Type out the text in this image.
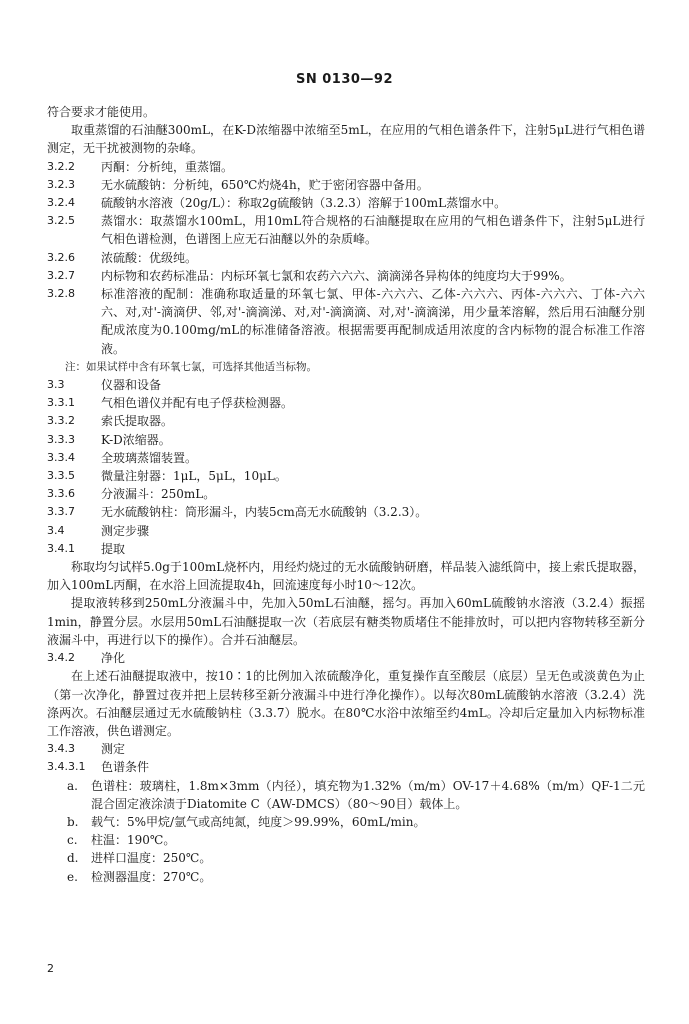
SN 0130—92

符合要求才能使用。

取重蒸馏的石油醚300mL，在K-D浓缩器中浓缩至5mL，在应用的气相色谱条件下，注射5μL进行气相色谱测定，无干扰被测物的杂峰。

3.2.2	丙酮：分析纯，重蒸馏。
3.2.3	无水硫酸钠：分析纯，650℃灼烧4h，贮于密闭容器中备用。
3.2.4	硫酸钠水溶液（20g/L）：称取2g硫酸钠（3.2.3）溶解于100mL蒸馏水中。
3.2.5	蒸馏水：取蒸馏水100mL，用10mL符合规格的石油醚提取在应用的气相色谱条件下，注射5μL进行气相色谱检测，色谱图上应无石油醚以外的杂质峰。
3.2.6	浓硫酸：优级纯。
3.2.7	内标物和农药标准品：内标环氧七氯和农药六六六、滴滴涕各异构体的纯度均大于99%。
3.2.8	标准溶液的配制：准确称取适量的环氧七氯、甲体-六六六、乙体-六六六、丙体-六六六、丁体-六六六、对,对'-滴滴伊、邻,对'-滴滴涕、对,对'-滴滴滴、对,对'-滴滴涕，用少量苯溶解，然后用石油醚分别配成浓度为0.100mg/mL的标准储备溶液。根据需要再配制成适用浓度的含内标物的混合标准工作溶液。

注：如果试样中含有环氧七氯，可选择其他适当标物。

3.3	仪器和设备
3.3.1	气相色谱仪并配有电子俘获检测器。
3.3.2	索氏提取器。
3.3.3	K-D浓缩器。
3.3.4	全玻璃蒸馏装置。
3.3.5	微量注射器：1μL，5μL，10μL。
3.3.6	分液漏斗：250mL。
3.3.7	无水硫酸钠柱：筒形漏斗，内装5cm高无水硫酸钠（3.2.3）。
3.4	测定步骤
3.4.1	提取

称取均匀试样5.0g于100mL烧杯内，用经灼烧过的无水硫酸钠研磨，样品装入滤纸筒中，接上索氏提取器，加入100mL丙酮，在水浴上回流提取4h，回流速度每小时10～12次。

提取液转移到250mL分液漏斗中，先加入50mL石油醚，摇匀。再加入60mL硫酸钠水溶液（3.2.4）振摇1min，静置分层。水层用50mL石油醚提取一次（若底层有糖类物质堵住不能排放时，可以把内容物转移至新分液漏斗中，再进行以下的操作）。合并石油醚层。

3.4.2	净化

在上述石油醚提取液中，按10∶1的比例加入浓硫酸净化，重复操作直至酸层（底层）呈无色或淡黄色为止（第一次净化，静置过夜并把上层转移至新分液漏斗中进行净化操作）。以每次80mL硫酸钠水溶液（3.2.4）洗涤两次。石油醚层通过无水硫酸钠柱（3.3.7）脱水。在80℃水浴中浓缩至约4mL。冷却后定量加入内标物标准工作溶液，供色谱测定。

3.4.3	测定
3.4.3.1	色谱条件
a.	色谱柱：玻璃柱，1.8m×3mm（内径），填充物为1.32%（m/m）OV-17＋4.68%（m/m）QF-1二元混合固定液涂渍于Diatomite C（AW-DMCS）（80～90目）载体上。
b.	载气：5%甲烷/氩气或高纯氮，纯度＞99.99%，60mL/min。
c.	柱温：190℃。
d.	进样口温度：250℃。
e.	检测器温度：270℃。
2
